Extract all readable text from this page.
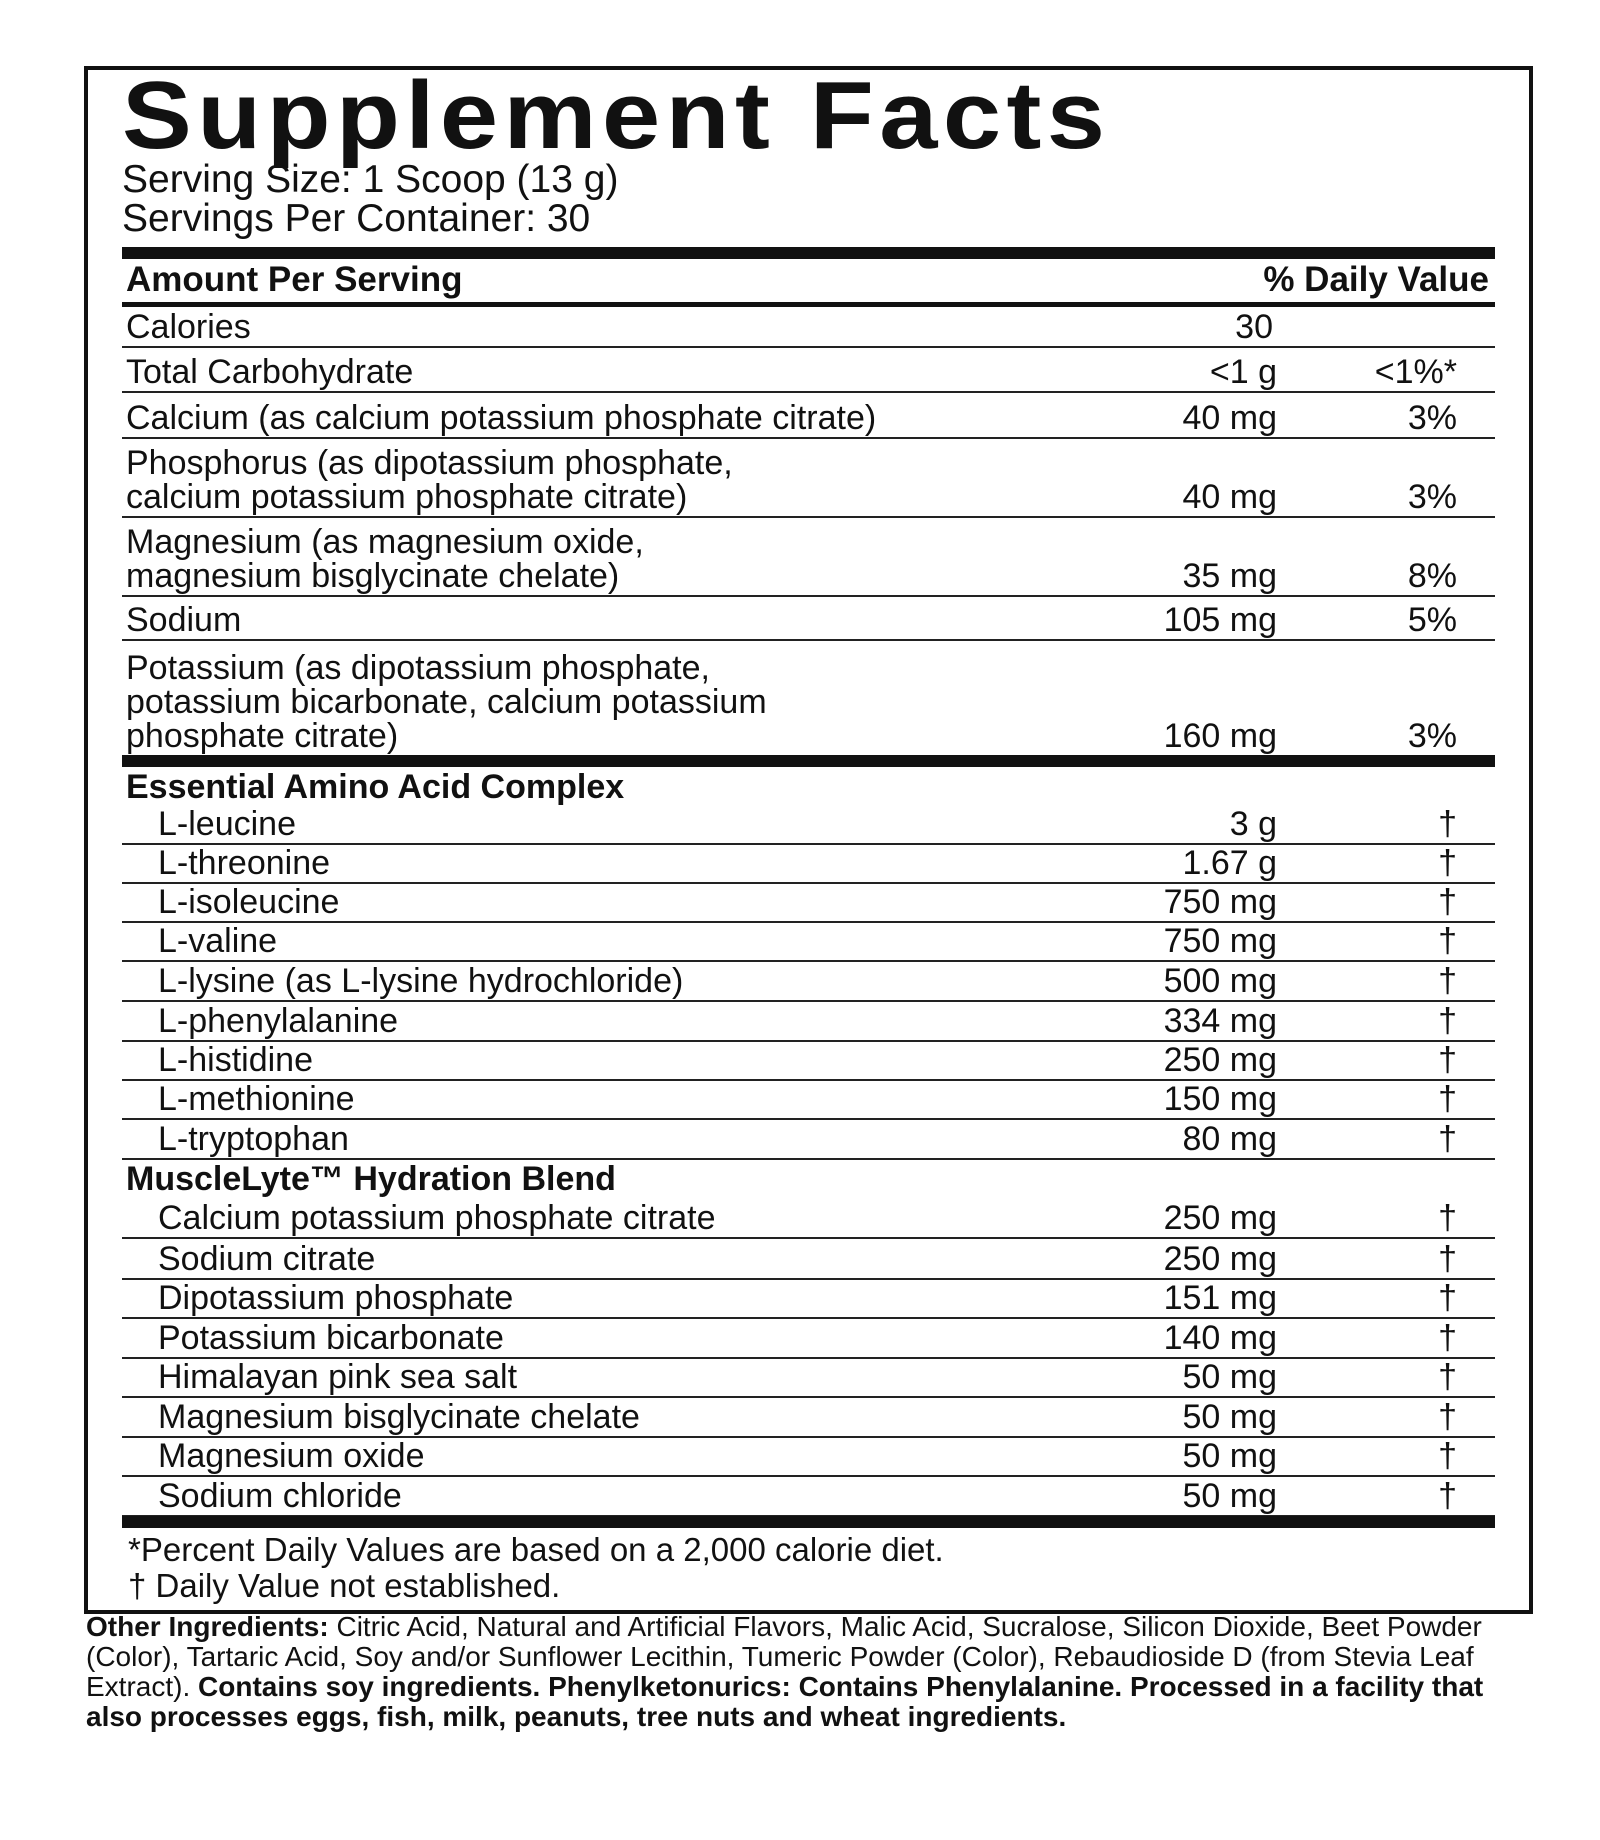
Supplement Facts
Serving Size: 1 Scoop (13 g)
Servings Per Container: 30
Amount Per Serving	% Daily Value
Calories	30
Total Carbohydrate	<1 g	<1%*
Calcium (as calcium potassium phosphate citrate)	40 mg	3%
Phosphorus (as dipotassium phosphate,
calcium potassium phosphate citrate)	40 mg	3%
Magnesium (as magnesium oxide,
magnesium bisglycinate chelate)	35 mg	8%
Sodium	105 mg	5%
Potassium (as dipotassium phosphate,
potassium bicarbonate, calcium potassium
phosphate citrate)	160 mg	3%
Essential Amino Acid Complex
L-leucine	3 g	†
L-threonine	1.67 g	†
L-isoleucine	750 mg	†
L-valine	750 mg	†
L-lysine (as L-lysine hydrochloride)	500 mg	†
L-phenylalanine	334 mg	†
L-histidine	250 mg	†
L-methionine	150 mg	†
L-tryptophan	80 mg	†
MuscleLyte™ Hydration Blend
Calcium potassium phosphate citrate	250 mg	†
Sodium citrate	250 mg	†
Dipotassium phosphate	151 mg	†
Potassium bicarbonate	140 mg	†
Himalayan pink sea salt	50 mg	†
Magnesium bisglycinate chelate	50 mg	†
Magnesium oxide	50 mg	†
Sodium chloride	50 mg	†
*Percent Daily Values are based on a 2,000 calorie diet.
† Daily Value not established.

Other Ingredients: Citric Acid, Natural and Artificial Flavors, Malic Acid, Sucralose, Silicon Dioxide, Beet Powder (Color), Tartaric Acid, Soy and/or Sunflower Lecithin, Tumeric Powder (Color), Rebaudioside D (from Stevia Leaf Extract). Contains soy ingredients. Phenylketonurics: Contains Phenylalanine. Processed in a facility that also processes eggs, fish, milk, peanuts, tree nuts and wheat ingredients.
